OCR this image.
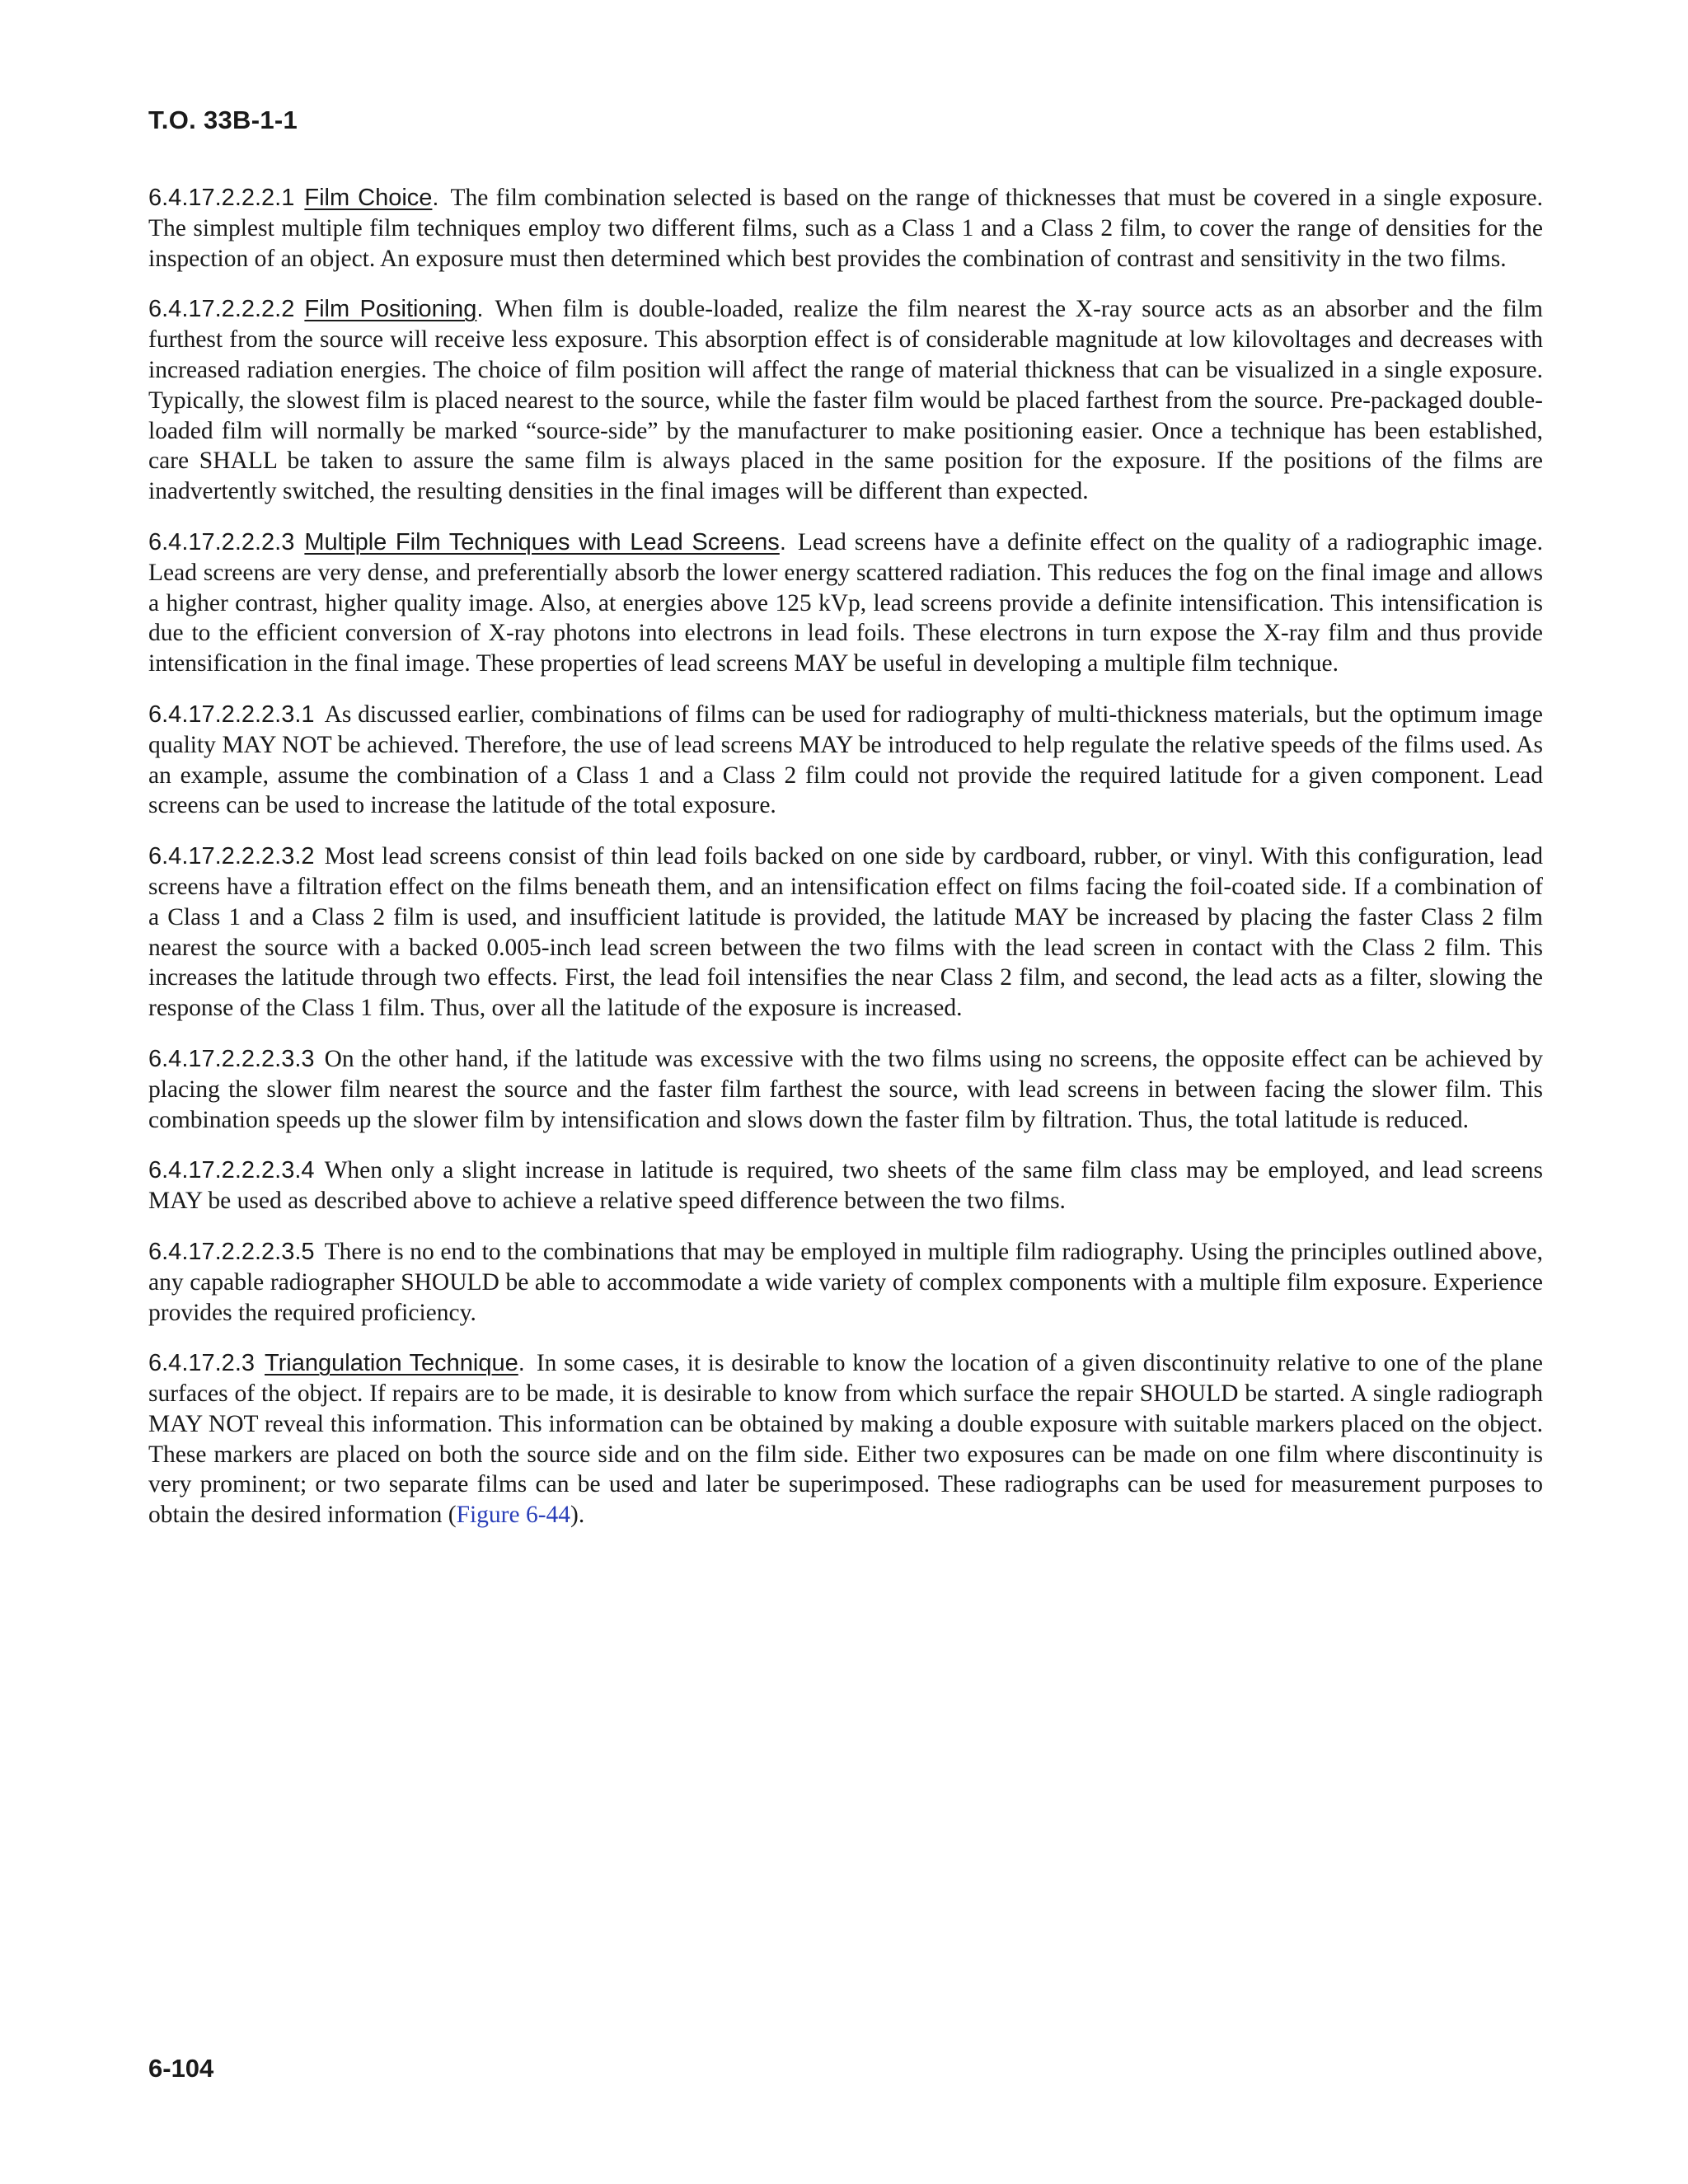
T.O. 33B-1-1

6.4.17.2.2.2.1 Film Choice. The film combination selected is based on the range of thicknesses that must be covered in a single exposure. The simplest multiple film techniques employ two different films, such as a Class 1 and a Class 2 film, to cover the range of densities for the inspection of an object. An exposure must then determined which best provides the combination of contrast and sensitivity in the two films.

6.4.17.2.2.2.2 Film Positioning. When film is double-loaded, realize the film nearest the X-ray source acts as an absorber and the film furthest from the source will receive less exposure. This absorption effect is of considerable magnitude at low kilovoltages and decreases with increased radiation energies. The choice of film position will affect the range of material thickness that can be visualized in a single exposure. Typically, the slowest film is placed nearest to the source, while the faster film would be placed farthest from the source. Pre-packaged double-loaded film will normally be marked “source-side” by the manufacturer to make positioning easier. Once a technique has been established, care SHALL be taken to assure the same film is always placed in the same position for the exposure. If the positions of the films are inadvertently switched, the resulting densities in the final images will be different than expected.

6.4.17.2.2.2.3 Multiple Film Techniques with Lead Screens. Lead screens have a definite effect on the quality of a radiographic image. Lead screens are very dense, and preferentially absorb the lower energy scattered radiation. This reduces the fog on the final image and allows a higher contrast, higher quality image. Also, at energies above 125 kVp, lead screens provide a definite intensification. This intensification is due to the efficient conversion of X-ray photons into electrons in lead foils. These electrons in turn expose the X-ray film and thus provide intensification in the final image. These properties of lead screens MAY be useful in developing a multiple film technique.

6.4.17.2.2.2.3.1 As discussed earlier, combinations of films can be used for radiography of multi-thickness materials, but the optimum image quality MAY NOT be achieved. Therefore, the use of lead screens MAY be introduced to help regulate the relative speeds of the films used. As an example, assume the combination of a Class 1 and a Class 2 film could not provide the required latitude for a given component. Lead screens can be used to increase the latitude of the total exposure.

6.4.17.2.2.2.3.2 Most lead screens consist of thin lead foils backed on one side by cardboard, rubber, or vinyl. With this configuration, lead screens have a filtration effect on the films beneath them, and an intensification effect on films facing the foil-coated side. If a combination of a Class 1 and a Class 2 film is used, and insufficient latitude is provided, the latitude MAY be increased by placing the faster Class 2 film nearest the source with a backed 0.005-inch lead screen between the two films with the lead screen in contact with the Class 2 film. This increases the latitude through two effects. First, the lead foil intensifies the near Class 2 film, and second, the lead acts as a filter, slowing the response of the Class 1 film. Thus, over all the latitude of the exposure is increased.

6.4.17.2.2.2.3.3 On the other hand, if the latitude was excessive with the two films using no screens, the opposite effect can be achieved by placing the slower film nearest the source and the faster film farthest the source, with lead screens in between facing the slower film. This combination speeds up the slower film by intensification and slows down the faster film by filtration. Thus, the total latitude is reduced.

6.4.17.2.2.2.3.4 When only a slight increase in latitude is required, two sheets of the same film class may be employed, and lead screens MAY be used as described above to achieve a relative speed difference between the two films.

6.4.17.2.2.2.3.5 There is no end to the combinations that may be employed in multiple film radiography. Using the principles outlined above, any capable radiographer SHOULD be able to accommodate a wide variety of complex components with a multiple film exposure. Experience provides the required proficiency.

6.4.17.2.3 Triangulation Technique. In some cases, it is desirable to know the location of a given discontinuity relative to one of the plane surfaces of the object. If repairs are to be made, it is desirable to know from which surface the repair SHOULD be started. A single radiograph MAY NOT reveal this information. This information can be obtained by making a double exposure with suitable markers placed on the object. These markers are placed on both the source side and on the film side. Either two exposures can be made on one film where discontinuity is very prominent; or two separate films can be used and later be superimposed. These radiographs can be used for measurement purposes to obtain the desired information (Figure 6-44).

6-104
